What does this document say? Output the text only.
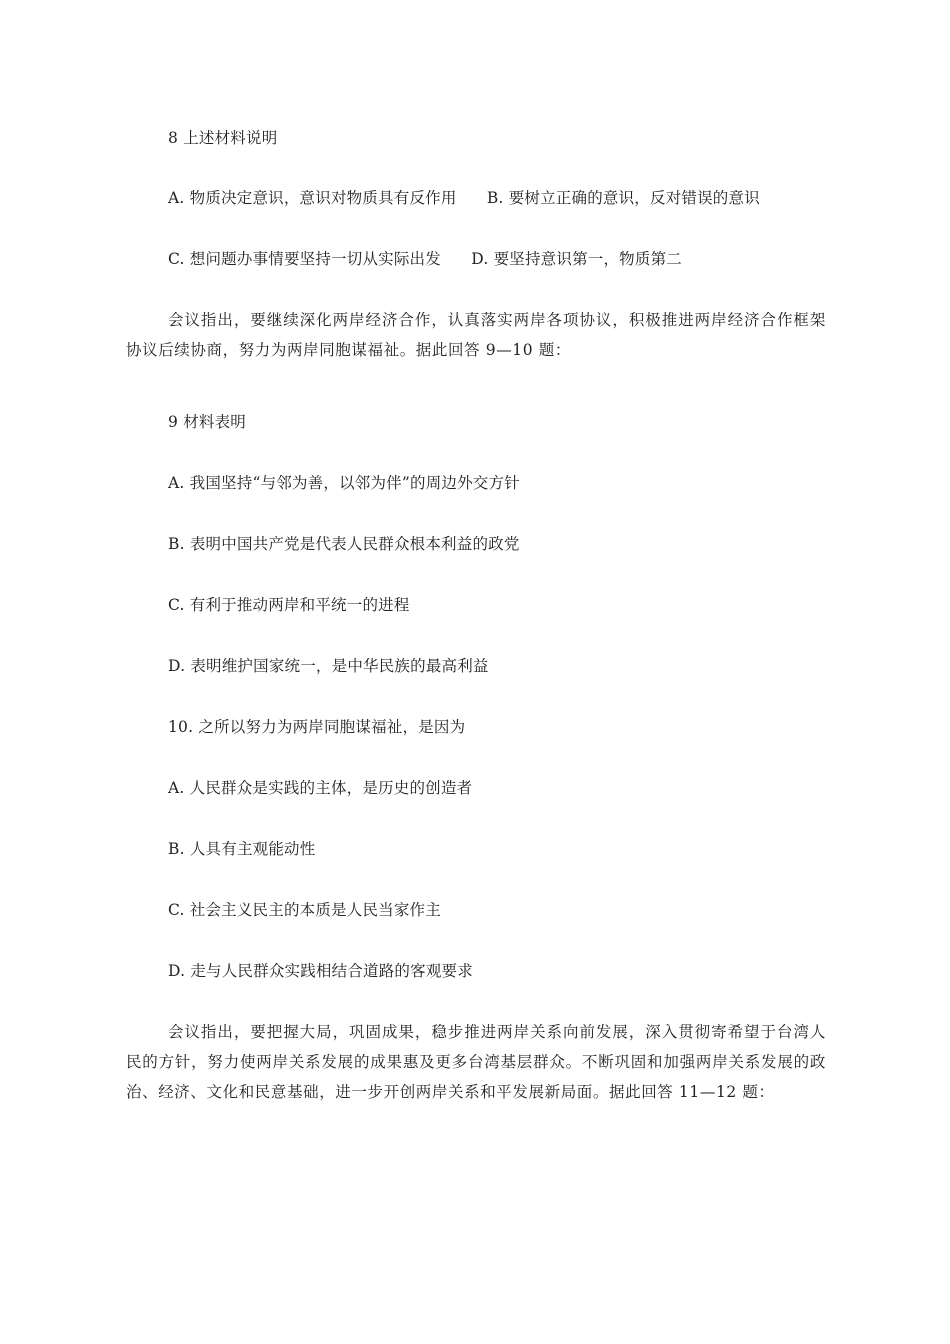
8 上述材料说明
A. 物质决定意识，意识对物质具有反作用 B. 要树立正确的意识，反对错误的意识
C. 想问题办事情要坚持一切从实际出发 D. 要坚持意识第一，物质第二
会议指出，要继续深化两岸经济合作，认真落实两岸各项协议，积极推进两岸经济合作框架协议后续协商，努力为两岸同胞谋福祉。据此回答 9—10 题：
9 材料表明
A. 我国坚持“与邻为善，以邻为伴”的周边外交方针
B. 表明中国共产党是代表人民群众根本利益的政党
C. 有利于推动两岸和平统一的进程
D. 表明维护国家统一，是中华民族的最高利益
10. 之所以努力为两岸同胞谋福祉，是因为
A. 人民群众是实践的主体，是历史的创造者
B. 人具有主观能动性
C. 社会主义民主的本质是人民当家作主
D. 走与人民群众实践相结合道路的客观要求
会议指出，要把握大局，巩固成果，稳步推进两岸关系向前发展，深入贯彻寄希望于台湾人民的方针，努力使两岸关系发展的成果惠及更多台湾基层群众。不断巩固和加强两岸关系发展的政治、经济、文化和民意基础，进一步开创两岸关系和平发展新局面。据此回答 11—12 题：
